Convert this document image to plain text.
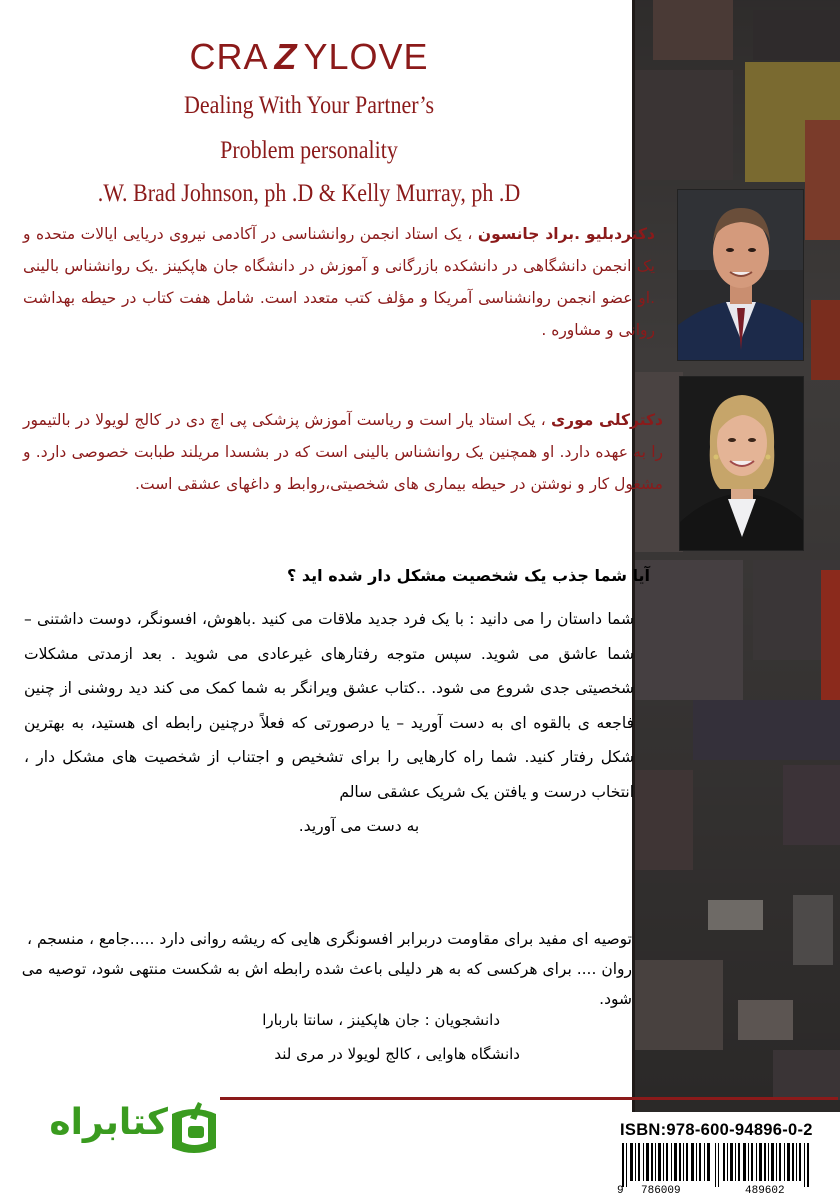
CRA Z YLOVE
Dealing With Your Partner’s
Problem personality
.W. Brad Johnson, ph .D & Kelly Murray, ph .D
دکتردبلیو .براد جانسون ، یک استاد انجمن روانشناسی در آکادمی نیروی دریایی ایالات متحده و یک انجمن دانشگاهی در دانشکده بازرگانی و آموزش در دانشگاه جان هاپکینز .یک روانشناس بالینی .او عضو انجمن روانشناسی آمریکا و مؤلف کتب متعدد است. شامل هفت کتاب در حیطه بهداشت روانی و مشاوره .
دکترکلی موری ، یک استاد یار است و ریاست آموزش پزشکی پی اچ دی در کالج لویولا در بالتیمور را به عهده دارد. او همچنین یک روانشناس بالینی است که در بشسدا مریلند طبابت خصوصی دارد. و مشغول کار و نوشتن در حیطه بیماری های شخصیتی،روابط و داغهای عشقی است.
آیا شما جذب یک شخصیت مشکل دار شده اید ؟

شما داستان را می دانید : با یک فرد جدید ملاقات می کنید .باهوش، افسونگر، دوست داشتنی – شما عاشق می شوید. سپس متوجه رفتارهای غیرعادی می شوید . بعد ازمدتی مشکلات شخصیتی جدی شروع می شود. ..کتاب عشق ویرانگر به شما کمک می کند دید روشنی از چنین فاجعه ی بالقوه ای به دست آورید – یا درصورتی که فعلاً درچنین رابطه ای هستید، به بهترین شکل رفتار کنید. شما راه کارهایی را برای تشخیص و اجتناب از شخصیت های مشکل دار ، انتخاب درست و یافتن یک شریک عشقی سالم

به دست می آورید.

توصیه ای مفید برای مقاومت دربرابر افسونگری هایی که ریشه روانی دارد .....جامع ، منسجم ، روان .... برای هرکسی که به هر دلیلی باعث شده رابطه اش به شکست منتهی شود، توصیه می شود.
دانشجویان : جان هاپکینز ، سانتا باربارا
دانشگاه هاوایی ، کالج لویولا در مری لند
کتابراه	ISBN:978-600-94896-0-2
9 786009	489602
